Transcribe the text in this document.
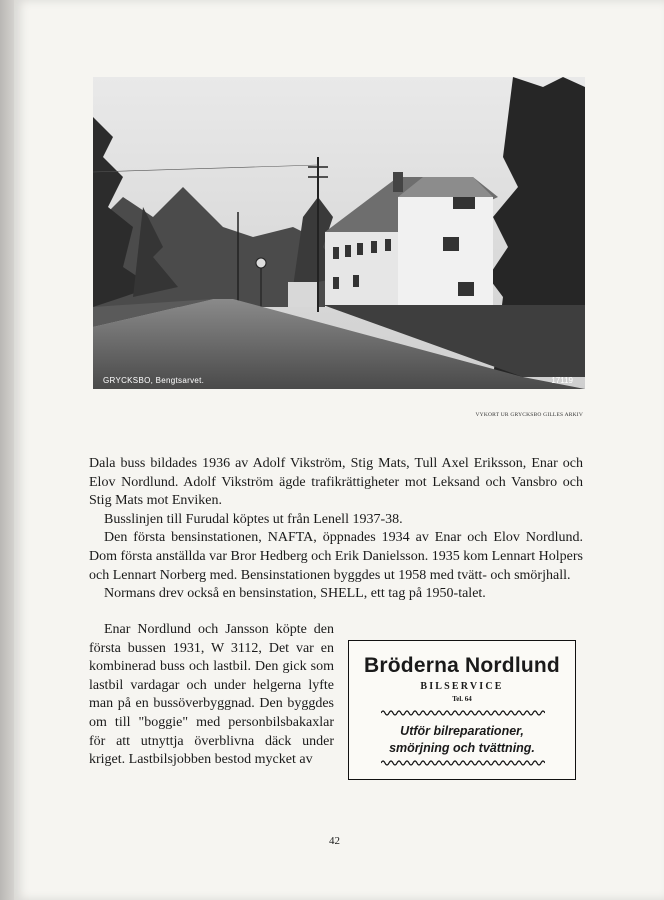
GRYCKSBO, Bengtsarvet.	17119
VYKORT UR GRYCKSBO GILLES ARKIV

Dala buss bildades 1936 av Adolf Vikström, Stig Mats, Tull Axel Eriksson, Enar och Elov Nordlund. Adolf Vikström ägde trafikrättigheter mot Leksand och Vansbro och Stig Mats mot Enviken.

Busslinjen till Furudal köptes ut från Lenell 1937-38.

Den första bensinstationen, NAFTA, öppnades 1934 av Enar och Elov Nordlund. Dom första anställda var Bror Hedberg och Erik Danielsson. 1935 kom Lennart Holpers och Lennart Norberg med. Bensinstationen byggdes ut 1958 med tvätt- och smörjhall.

Normans drev också en bensinstation, SHELL, ett tag på 1950-talet.

Enar Nordlund och Jansson köpte den första bussen 1931, W 3112, Det var en kombinerad buss och lastbil. Den gick som lastbil vardagar och under helgerna lyfte man på en bussöverbyggnad. Den byggdes om till "boggie" med personbilsbakaxlar för att utnyttja överblivna däck under kriget. Lastbilsjobben bestod mycket av

Bröderna Nordlund
BILSERVICE
Tel. 64
Utför bilreparationer,
smörjning och tvättning.
42
